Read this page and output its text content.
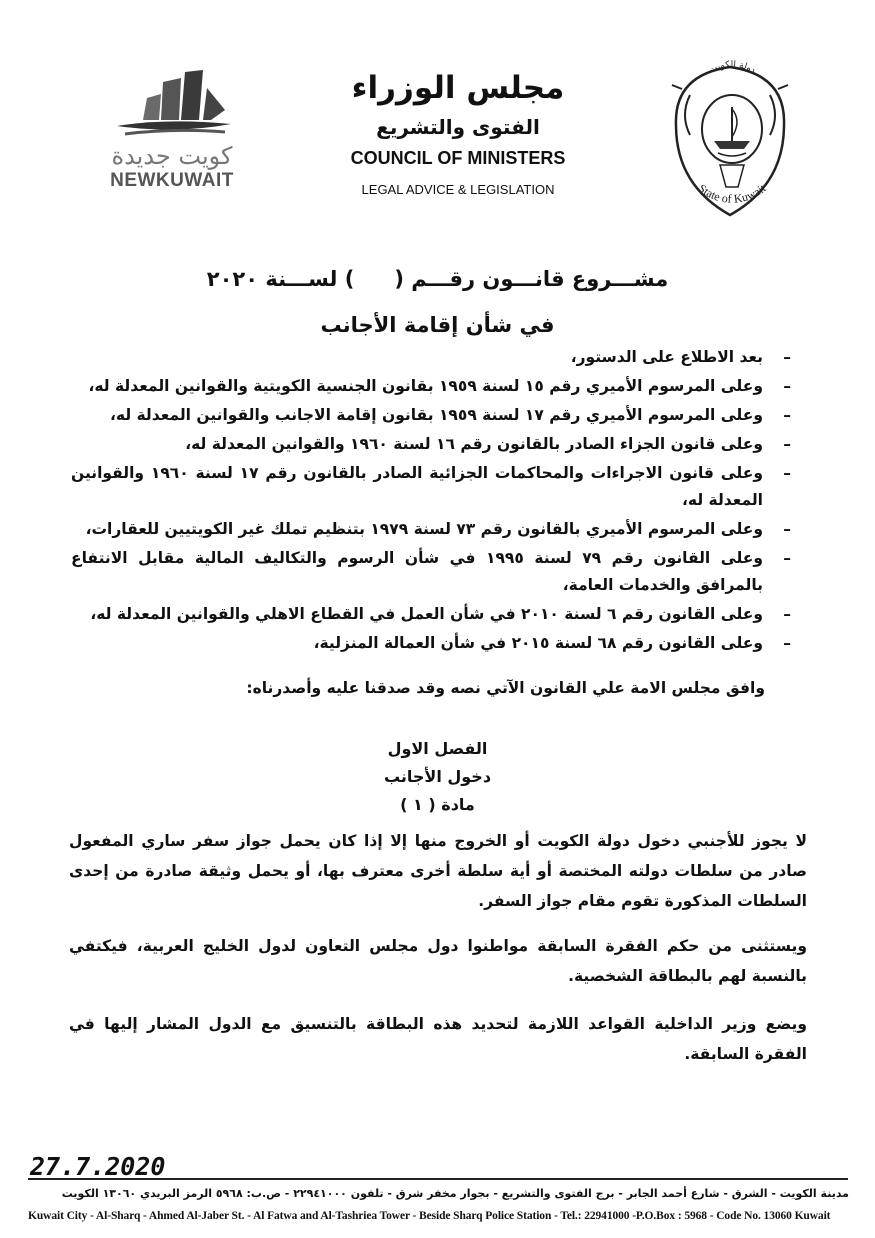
كويت جديدة
NEWKUWAIT
مجلس الوزراء
الفتوى والتشريع
COUNCIL OF MINISTERS
LEGAL ADVICE & LEGISLATION
دولة الكويت
State of Kuwait
مشـــروع قانـــون رقـــم () لســـنة ٢٠٢٠
في شأن إقامة الأجانب
– بعد الاطلاع على الدستور،
– وعلى المرسوم الأميري رقم ١٥ لسنة ١٩٥٩ بقانون الجنسية الكويتية والقوانين المعدلة له،
– وعلى المرسوم الأميري رقم ١٧ لسنة ١٩٥٩ بقانون إقامة الاجانب والقوانين المعدلة له،
– وعلى قانون الجزاء الصادر بالقانون رقم ١٦ لسنة ١٩٦٠ والقوانين المعدلة له،
– وعلى قانون الاجراءات والمحاكمات الجزائية الصادر بالقانون رقم ١٧ لسنة ١٩٦٠ والقوانين المعدلة له،
– وعلى المرسوم الأميري بالقانون رقم ٧٣ لسنة ١٩٧٩ بتنظيم تملك غير الكويتيين للعقارات،
– وعلى القانون رقم ٧٩ لسنة ١٩٩٥ في شأن الرسوم والتكاليف المالية مقابل الانتفاع بالمرافق والخدمات العامة،
– وعلى القانون رقم ٦ لسنة ٢٠١٠ في شأن العمل في القطاع الاهلي والقوانين المعدلة له،
– وعلى القانون رقم ٦٨ لسنة ٢٠١٥ في شأن العمالة المنزلية،
وافق مجلس الامة علي القانون الآتي نصه وقد صدقنا عليه وأصدرناه:
الفصل الاول
دخول الأجانب
مادة ( ١ )
لا يجوز للأجنبي دخول دولة الكويت أو الخروج منها إلا إذا كان يحمل جواز سفر ساري المفعول صادر من سلطات دولته المختصة أو أية سلطة أخرى معترف بها، أو يحمل وثيقة صادرة من إحدى السلطات المذكورة تقوم مقام جواز السفر.
ويستثنى من حكم الفقرة السابقة مواطنوا دول مجلس التعاون لدول الخليج العربية، فيكتفي بالنسبة لهم بالبطاقة الشخصية.
ويضع وزير الداخلية القواعد اللازمة لتحديد هذه البطاقة بالتنسيق مع الدول المشار إليها في الفقرة السابقة.
27.7.2020
مدينة الكويت - الشرق - شارع أحمد الجابر - برج الفتوى والتشريع - بجوار مخفر شرق - تلفون ٢٢٩٤١٠٠٠ - ص.ب: ٥٩٦٨ الرمز البريدي ١٣٠٦٠ الكويت
Kuwait City - Al-Sharq - Ahmed Al-Jaber St. - Al Fatwa and Al-Tashriea Tower - Beside Sharq Police Station - Tel.: 22941000 -P.O.Box : 5968 - Code No. 13060 Kuwait
